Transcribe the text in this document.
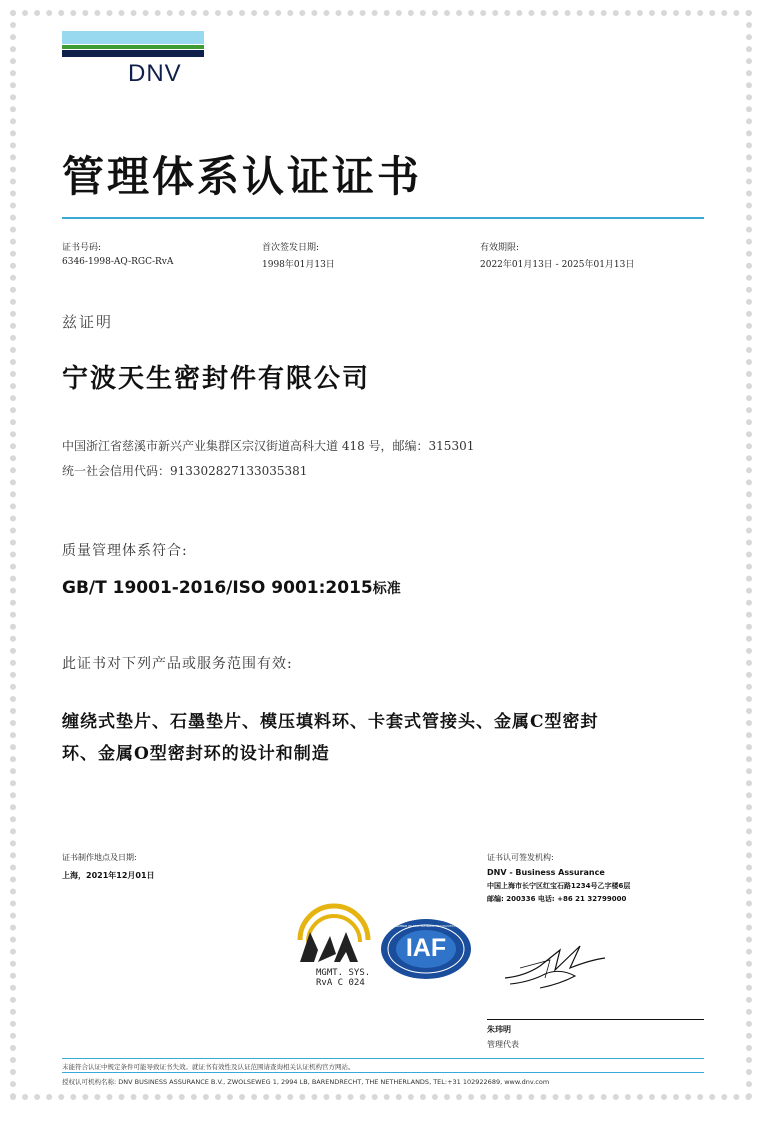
DNV
管理体系认证证书
证书号码:
6346-1998-AQ-RGC-RvA
首次签发日期:
1998年01月13日
有效期限:
2022年01月13日 - 2025年01月13日
兹证明
宁波天生密封件有限公司
中国浙江省慈溪市新兴产业集群区宗汉街道高科大道 418 号，邮编：315301
统一社会信用代码：91330282713303538​1
质量管理体系符合:
GB/T 19001-2016/ISO 9001:2015标准
此证书对下列产品或服务范围有效:
缠绕式垫片、石墨垫片、模压填料环、卡套式管接头、金属C型密封
环、金属O型密封环的设计和制造
证书制作地点及日期:
上海，2021年12月01日
证书认可签发机构:
DNV - Business Assurance
中国上海市长宁区红宝石路1234号乙字楼6层
邮编: 200336 电话: +86 21 32799000
MGMT. SYS.
RvA C 024
IAF
MEMBER OF MULTILATERAL RECOGNITION ARRANGEMENT
朱玮明
管理代表
未能符合认证中规定条件可能导致证书失效。就证书有效性及认证范围请查询相关认证机构官方网站。
授权认可机构名称: DNV BUSINESS ASSURANCE B.V., ZWOLSEWEG 1, 2994 LB, BARENDRECHT, THE NETHERLANDS, TEL:+31 102922689, www.dnv.com
